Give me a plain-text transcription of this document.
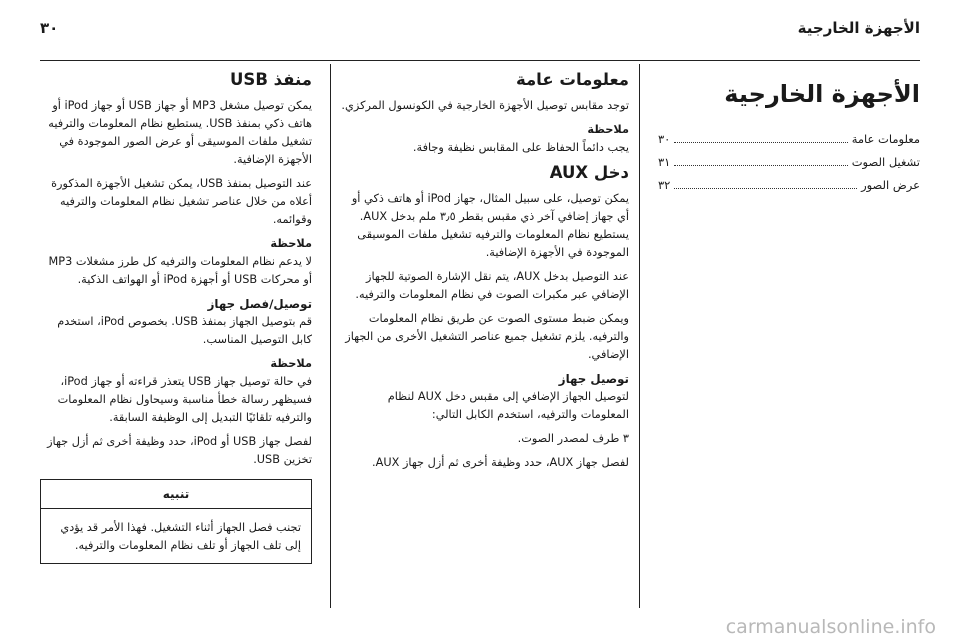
الأجهزة الخارجية
٣٠
الأجهزة الخارجية
معلومات عامة
٣٠
تشغيل الصوت
٣١
عرض الصور
٣٢
معلومات عامة

توجد مقابس توصيل الأجهزة الخارجية في الكونسول المركزي.

ملاحظة

يجب دائماً الحفاظ على المقابس نظيفة وجافة.

دخل AUX

يمكن توصيل، على سبيل المثال، جهاز iPod أو هاتف ذكي أو أي جهاز إضافي آخر ذي مقبس بقطر ٣٫٥ ملم بدخل AUX. يستطيع نظام المعلومات والترفيه تشغيل ملفات الموسيقى الموجودة في الأجهزة الإضافية.

عند التوصيل بدخل AUX، يتم نقل الإشارة الصوتية للجهاز الإضافي عبر مكبرات الصوت في نظام المعلومات والترفيه.

ويمكن ضبط مستوى الصوت عن طريق نظام المعلومات والترفيه. يلزم تشغيل جميع عناصر التشغيل الأخرى من الجهاز الإضافي.

توصيل جهاز

لتوصيل الجهاز الإضافي إلى مقبس دخل AUX لنظام المعلومات والترفيه، استخدم الكابل التالي:

٣ طرف لمصدر الصوت.

لفصل جهاز AUX، حدد وظيفة أخرى ثم أزل جهاز AUX.

منفذ USB

يمكن توصيل مشغل MP3 أو جهاز USB أو جهاز iPod أو هاتف ذكي بمنفذ USB. يستطيع نظام المعلومات والترفيه تشغيل ملفات الموسيقى أو عرض الصور الموجودة في الأجهزة الإضافية.

عند التوصيل بمنفذ USB، يمكن تشغيل الأجهزة المذكورة أعلاه من خلال عناصر تشغيل نظام المعلومات والترفيه وقوائمه.

ملاحظة

لا يدعم نظام المعلومات والترفيه كل طرز مشغلات MP3 أو محركات USB أو أجهزة iPod أو الهواتف الذكية.

توصيل/فصل جهاز

قم بتوصيل الجهاز بمنفذ USB. بخصوص iPod، استخدم كابل التوصيل المناسب.

ملاحظة

في حالة توصيل جهاز USB يتعذر قراءته أو جهاز iPod، فسيظهر رسالة خطأ مناسبة وسيحاول نظام المعلومات والترفيه تلقائيًا التبديل إلى الوظيفة السابقة.

لفصل جهاز USB أو iPod، حدد وظيفة أخرى ثم أزل جهاز تخزين USB.

تنبيه
تجنب فصل الجهاز أثناء التشغيل. فهذا الأمر قد يؤدي إلى تلف الجهاز أو تلف نظام المعلومات والترفيه.
carmanualsonline.info
